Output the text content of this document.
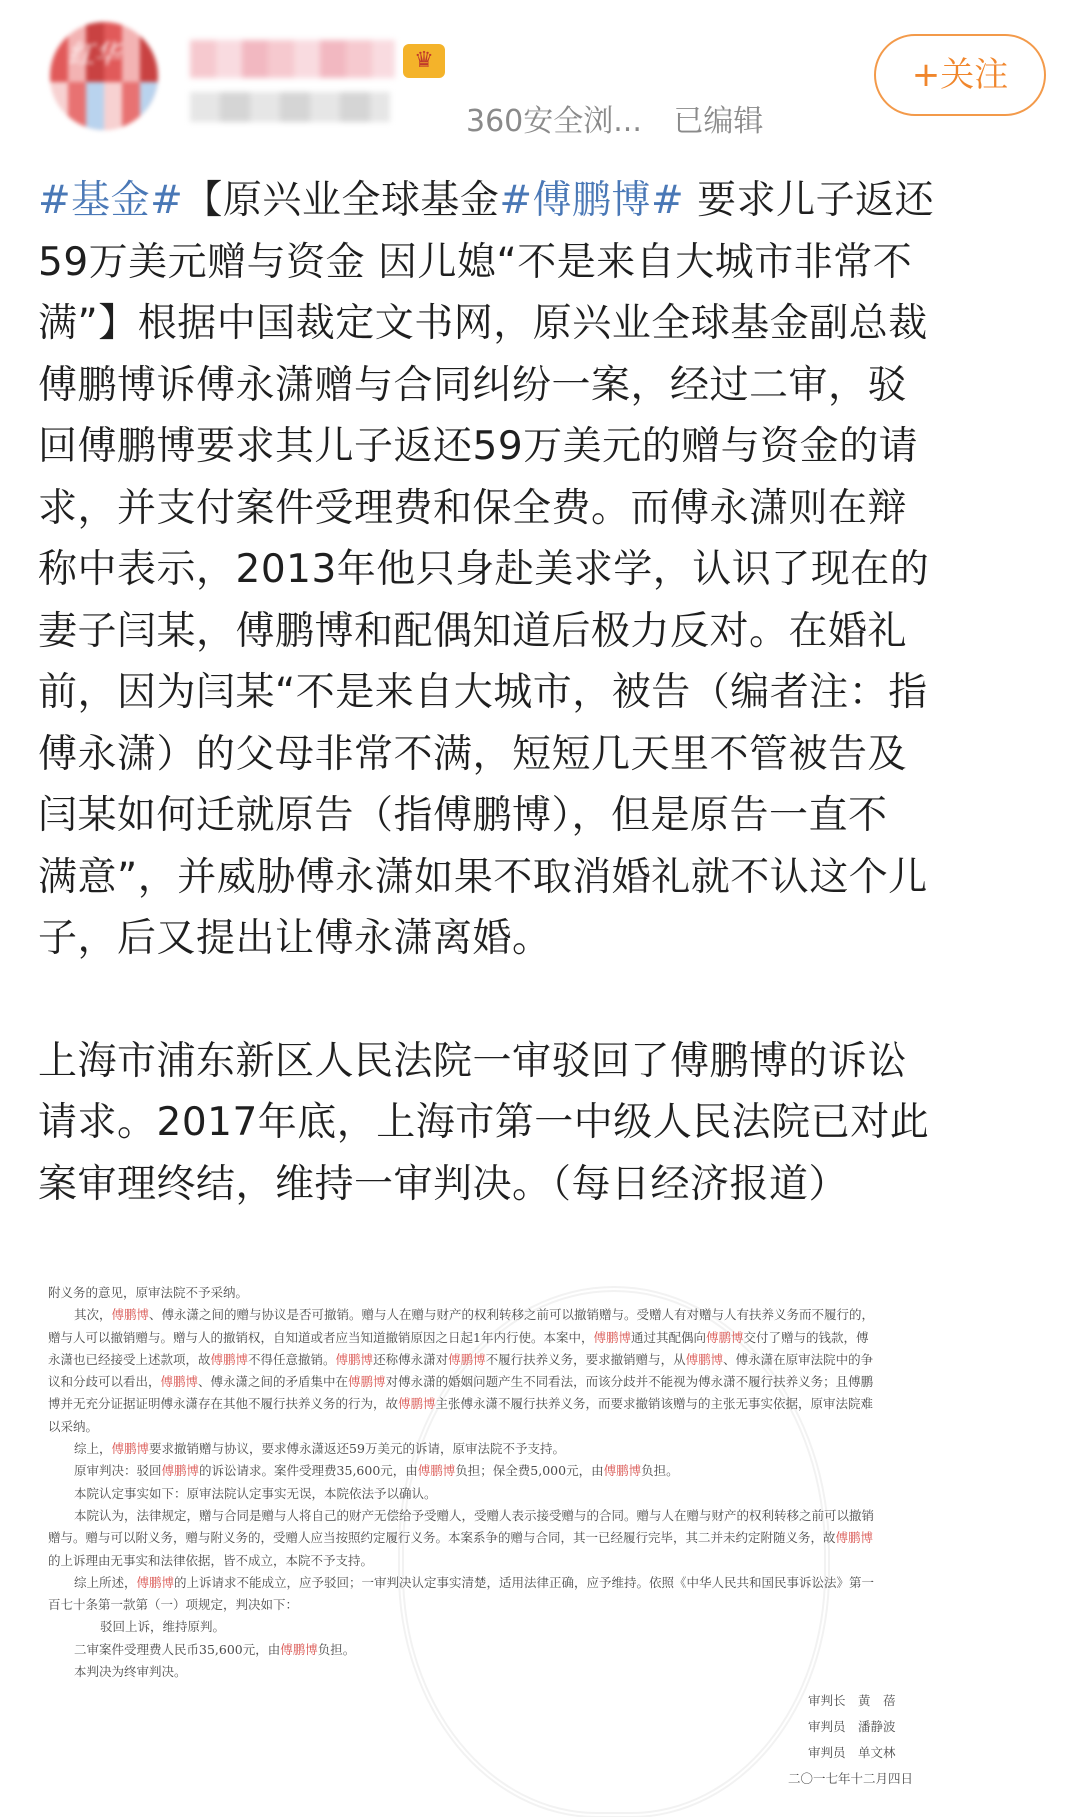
红华	♛
360安全浏... 已编辑
+关注

#基金#【原兴业全球基金#傅鹏博# 要求儿子返还

59万美元赠与资金 因儿媳“不是来自大城市非常不

满”】根据中国裁定文书网，原兴业全球基金副总裁

傅鹏博诉傅永潇赠与合同纠纷一案，经过二审，驳

回傅鹏博要求其儿子返还59万美元的赠与资金的请

求，并支付案件受理费和保全费。而傅永潇则在辩

称中表示，2013年他只身赴美求学，认识了现在的

妻子闫某，傅鹏博和配偶知道后极力反对。在婚礼

前，因为闫某“不是来自大城市，被告（编者注：指

傅永潇）的父母非常不满，短短几天里不管被告及

闫某如何迁就原告（指傅鹏博），但是原告一直不

满意”，并威胁傅永潇如果不取消婚礼就不认这个儿

子，后又提出让傅永潇离婚。

上海市浦东新区人民法院一审驳回了傅鹏博的诉讼

请求。2017年底，上海市第一中级人民法院已对此

案审理终结，维持一审判决。（每日经济报道）

附义务的意见，原审法院不予采纳。
其次，傅鹏博、傅永潇之间的赠与协议是否可撤销。赠与人在赠与财产的权利转移之前可以撤销赠与。受赠人有对赠与人有扶养义务而不履行的，
赠与人可以撤销赠与。赠与人的撤销权，自知道或者应当知道撤销原因之日起1年内行使。本案中，傅鹏博通过其配偶向傅鹏博交付了赠与的钱款，傅
永潇也已经接受上述款项，故傅鹏博不得任意撤销。傅鹏博还称傅永潇对傅鹏博不履行扶养义务，要求撤销赠与，从傅鹏博、傅永潇在原审法院中的争
议和分歧可以看出，傅鹏博、傅永潇之间的矛盾集中在傅鹏博对傅永潇的婚姻问题产生不同看法，而该分歧并不能视为傅永潇不履行扶养义务；且傅鹏
博并无充分证据证明傅永潇存在其他不履行扶养义务的行为，故傅鹏博主张傅永潇不履行扶养义务，而要求撤销该赠与的主张无事实依据，原审法院难
以采纳。
综上，傅鹏博要求撤销赠与协议，要求傅永潇返还59万美元的诉请，原审法院不予支持。
原审判决：驳回傅鹏博的诉讼请求。案件受理费35,600元，由傅鹏博负担；保全费5,000元，由傅鹏博负担。
本院认定事实如下：原审法院认定事实无误，本院依法予以确认。
本院认为，法律规定，赠与合同是赠与人将自己的财产无偿给予受赠人，受赠人表示接受赠与的合同。赠与人在赠与财产的权利转移之前可以撤销
赠与。赠与可以附义务，赠与附义务的，受赠人应当按照约定履行义务。本案系争的赠与合同，其一已经履行完毕，其二并未约定附随义务，故傅鹏博
的上诉理由无事实和法律依据，皆不成立，本院不予支持。
综上所述，傅鹏博的上诉请求不能成立，应予驳回；一审判决认定事实清楚，适用法律正确，应予维持。依照《中华人民共和国民事诉讼法》第一
百七十条第一款第（一）项规定，判决如下：
驳回上诉，维持原判。
二审案件受理费人民币35,600元，由傅鹏博负担。
本判决为终审判决。
审判长　黄　蓓
审判员　潘静波
审判员　单文林
二〇一七年十二月四日
